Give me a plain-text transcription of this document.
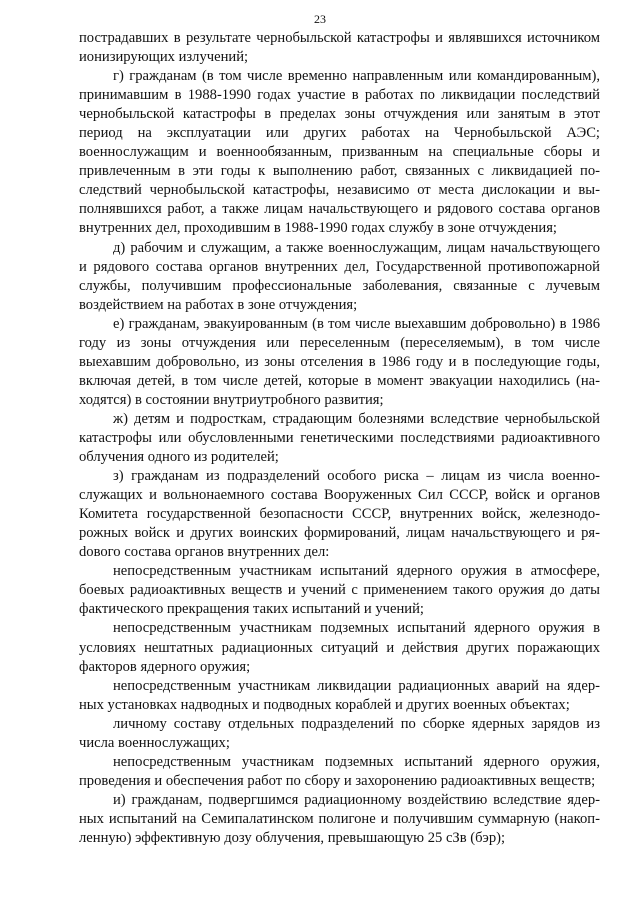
23

пострадавших в результате чернобыльской катастрофы и являвшихся источником ионизирующих излучений;

г) гражданам (в том числе временно направленным или командированным), принимавшим в 1988-1990 годах участие в работах по ликвидации последствий чернобыльской катастрофы в пределах зоны отчуждения или занятым в этот период на эксплуатации или других работах на Чернобыльской АЭС; военнослужащим и военнообязанным, призванным на специальные сборы и привлеченным в эти годы к выполнению работ, связанных с ликвидацией последствий чернобыльской катастрофы, независимо от места дислокации и выполнявшихся работ, а также лицам начальствующего и рядового состава органов внутренних дел, проходившим в 1988-1990 годах службу в зоне отчуждения;

д) рабочим и служащим, а также военнослужащим, лицам начальствующего и рядового состава органов внутренних дел, Государственной противопожарной службы, получившим профессиональные заболевания, связанные с лучевым воздействием на работах в зоне отчуждения;

е) гражданам, эвакуированным (в том числе выехавшим добровольно) в 1986 году из зоны отчуждения или переселенным (переселяемым), в том числе выехавшим добровольно, из зоны отселения в 1986 году и в последующие годы, включая детей, в том числе детей, которые в момент эвакуации находились (находятся) в состоянии внутриутробного развития;

ж) детям и подросткам, страдающим болезнями вследствие чернобыльской катастрофы или обусловленными генетическими последствиями радиоактивного облучения одного из родителей;

з) гражданам из подразделений особого риска – лицам из числа военнослужащих и вольнонаемного состава Вооруженных Сил СССР, войск и органов Комитета государственной безопасности СССР, внутренних войск, железнодорожных войск и других воинских формирований, лицам начальствующего и ряdового состава органов внутренних дел:

непосредственным участникам испытаний ядерного оружия в атмосфере, боевых радиоактивных веществ и учений с применением такого оружия до даты фактического прекращения таких испытаний и учений;

непосредственным участникам подземных испытаний ядерного оружия в условиях нештатных радиационных ситуаций и действия других поражающих факторов ядерного оружия;

непосредственным участникам ликвидации радиационных аварий на ядерных установках надводных и подводных кораблей и других военных объектах;

личному составу отдельных подразделений по сборке ядерных зарядов из числа военнослужащих;

непосредственным участникам подземных испытаний ядерного оружия, проведения и обеспечения работ по сбору и захоронению радиоактивных веществ;

и) гражданам, подвергшимся радиационному воздействию вследствие ядерных испытаний на Семипалатинском полигоне и получившим суммарную (накопленную) эффективную дозу облучения, превышающую 25 сЗв (бэр);
